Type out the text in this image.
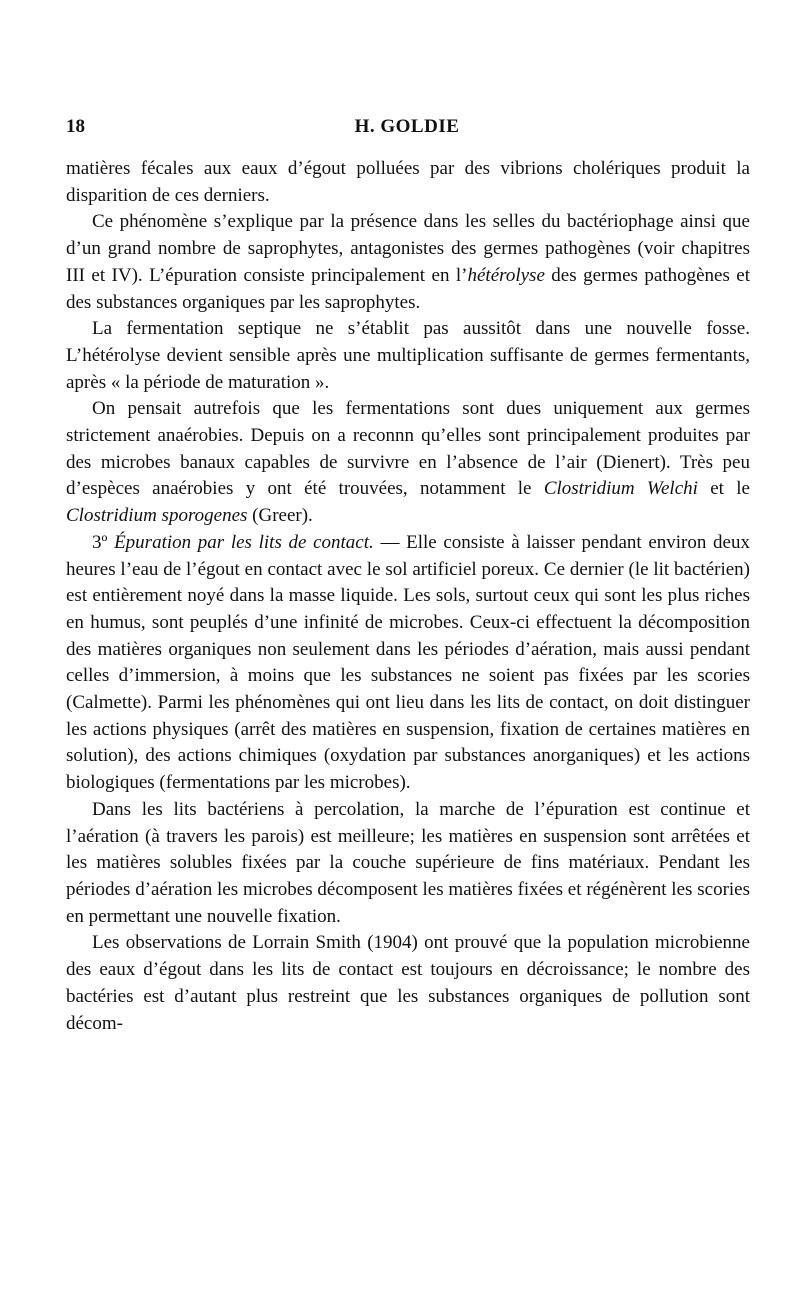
18	H. GOLDIE

matières fécales aux eaux d’égout polluées par des vibrions cholériques produit la disparition de ces derniers.

Ce phénomène s’explique par la présence dans les selles du bactériophage ainsi que d’un grand nombre de saprophytes, antagonistes des germes pathogènes (voir chapitres III et IV). L’épuration consiste principalement en l’hétérolyse des germes pathogènes et des substances organiques par les saprophytes.

La fermentation septique ne s’établit pas aussitôt dans une nouvelle fosse. L’hétérolyse devient sensible après une multiplication suffisante de germes fermentants, après « la période de maturation ».

On pensait autrefois que les fermentations sont dues uniquement aux germes strictement anaérobies. Depuis on a reconnn qu’elles sont principalement produites par des microbes banaux capables de survivre en l’absence de l’air (Dienert). Très peu d’espèces anaérobies y ont été trouvées, notamment le Clostridium Welchi et le Clostridium sporogenes (Greer).

3º Épuration par les lits de contact. — Elle consiste à laisser pendant environ deux heures l’eau de l’égout en contact avec le sol artificiel poreux. Ce dernier (le lit bactérien) est entièrement noyé dans la masse liquide. Les sols, surtout ceux qui sont les plus riches en humus, sont peuplés d’une infinité de microbes. Ceux-ci effectuent la décomposition des matières organiques non seulement dans les périodes d’aération, mais aussi pendant celles d’immersion, à moins que les substances ne soient pas fixées par les scories (Calmette). Parmi les phénomènes qui ont lieu dans les lits de contact, on doit distinguer les actions physiques (arrêt des matières en suspension, fixation de certaines matières en solution), des actions chimiques (oxydation par substances anorganiques) et les actions biologiques (fermentations par les microbes).

Dans les lits bactériens à percolation, la marche de l’épuration est continue et l’aération (à travers les parois) est meilleure; les matières en suspension sont arrêtées et les matières solubles fixées par la couche supérieure de fins matériaux. Pendant les périodes d’aération les microbes décomposent les matières fixées et régénèrent les scories en permettant une nouvelle fixation.

Les observations de Lorrain Smith (1904) ont prouvé que la population microbienne des eaux d’égout dans les lits de contact est toujours en décroissance; le nombre des bactéries est d’autant plus restreint que les substances organiques de pollution sont décom-
